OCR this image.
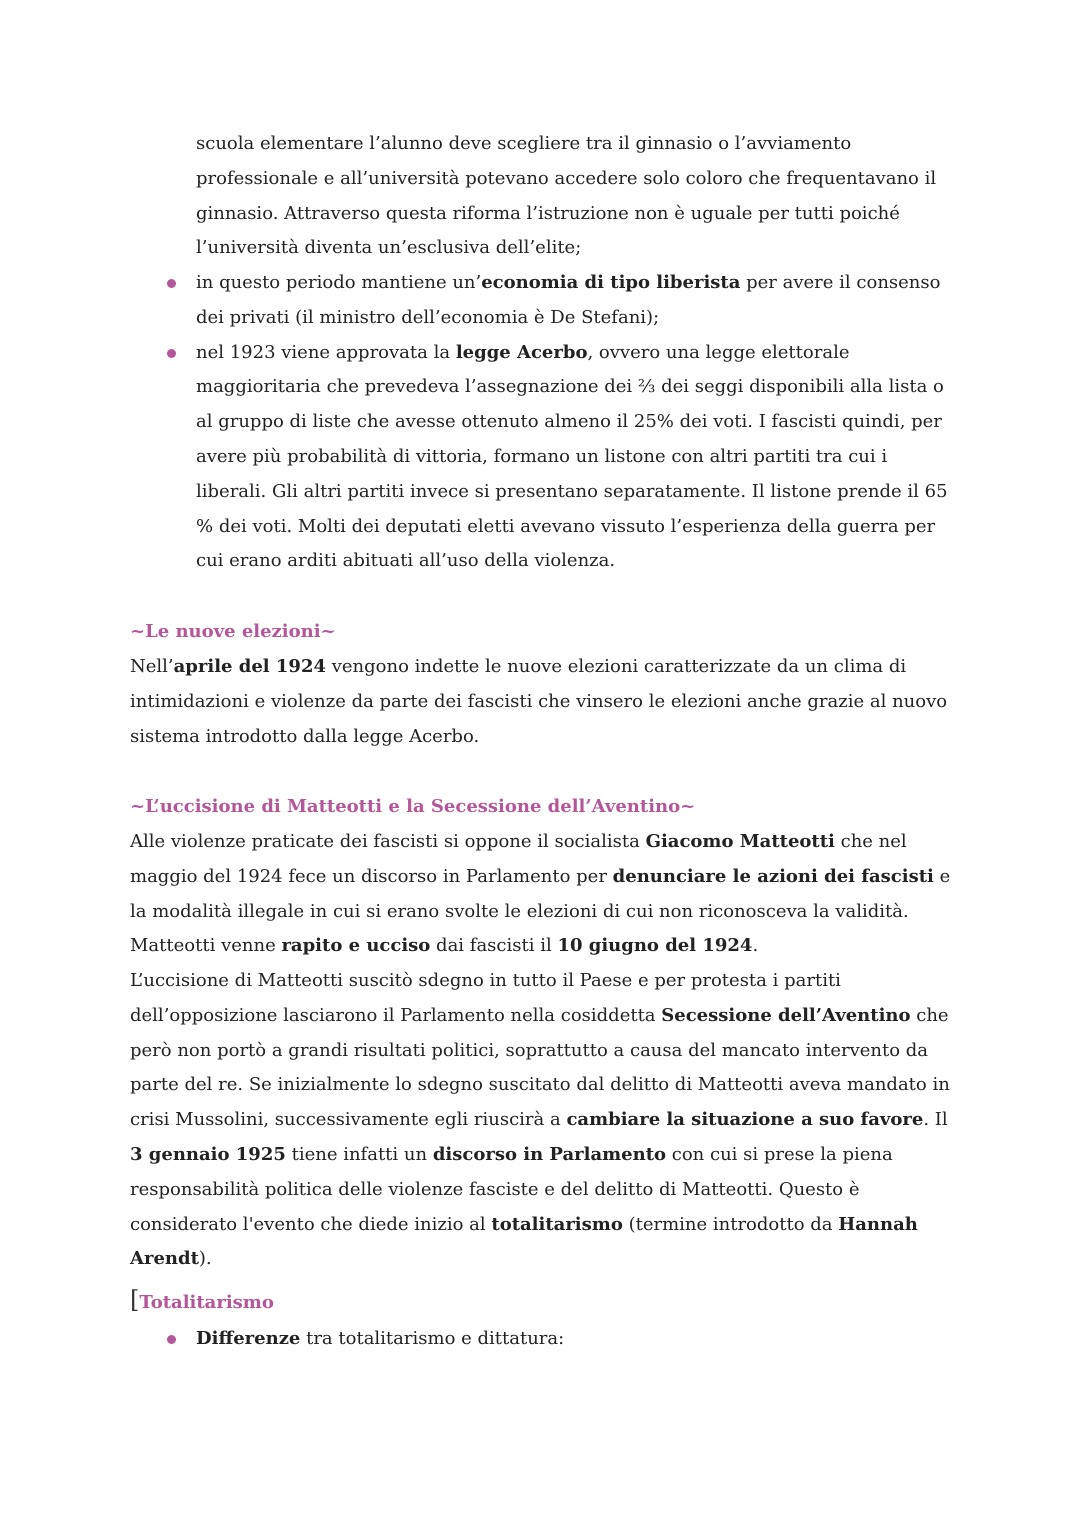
scuola elementare l’alunno deve scegliere tra il ginnasio o l’avviamento professionale e all’università potevano accedere solo coloro che frequentavano il ginnasio. Attraverso questa riforma l’istruzione non è uguale per tutti poiché l’università diventa un’esclusiva dell’elite;

in questo periodo mantiene un’economia di tipo liberista per avere il consenso dei privati (il ministro dell’economia è De Stefani);
nel 1923 viene approvata la legge Acerbo, ovvero una legge elettorale maggioritaria che prevedeva l’assegnazione dei ⅔ dei seggi disponibili alla lista o al gruppo di liste che avesse ottenuto almeno il 25% dei voti. I fascisti quindi, per avere più probabilità di vittoria, formano un listone con altri partiti tra cui i liberali. Gli altri partiti invece si presentano separatamente. Il listone prende il 65 % dei voti. Molti dei deputati eletti avevano vissuto l’esperienza della guerra per cui erano arditi abituati all’uso della violenza.
~Le nuove elezioni~

Nell’aprile del 1924 vengono indette le nuove elezioni caratterizzate da un clima di intimidazioni e violenze da parte dei fascisti che vinsero le elezioni anche grazie al nuovo sistema introdotto dalla legge Acerbo.

~L’uccisione di Matteotti e la Secessione dell’Aventino~

Alle violenze praticate dei fascisti si oppone il socialista Giacomo Matteotti che nel maggio del 1924 fece un discorso in Parlamento per denunciare le azioni dei fascisti e la modalità illegale in cui si erano svolte le elezioni di cui non riconosceva la validità. Matteotti venne rapito e ucciso dai fascisti il 10 giugno del 1924.

L’uccisione di Matteotti suscitò sdegno in tutto il Paese e per protesta i partiti dell’opposizione lasciarono il Parlamento nella cosiddetta Secessione dell’Aventino che però non portò a grandi risultati politici, soprattutto a causa del mancato intervento da parte del re. Se inizialmente lo sdegno suscitato dal delitto di Matteotti aveva mandato in crisi Mussolini, successivamente egli riuscirà a cambiare la situazione a suo favore. Il 3 gennaio 1925 tiene infatti un discorso in Parlamento con cui si prese la piena responsabilità politica delle violenze fasciste e del delitto di Matteotti. Questo è considerato l'evento che diede inizio al totalitarismo (termine introdotto da Hannah Arendt).

[Totalitarismo
Differenze tra totalitarismo e dittatura:
